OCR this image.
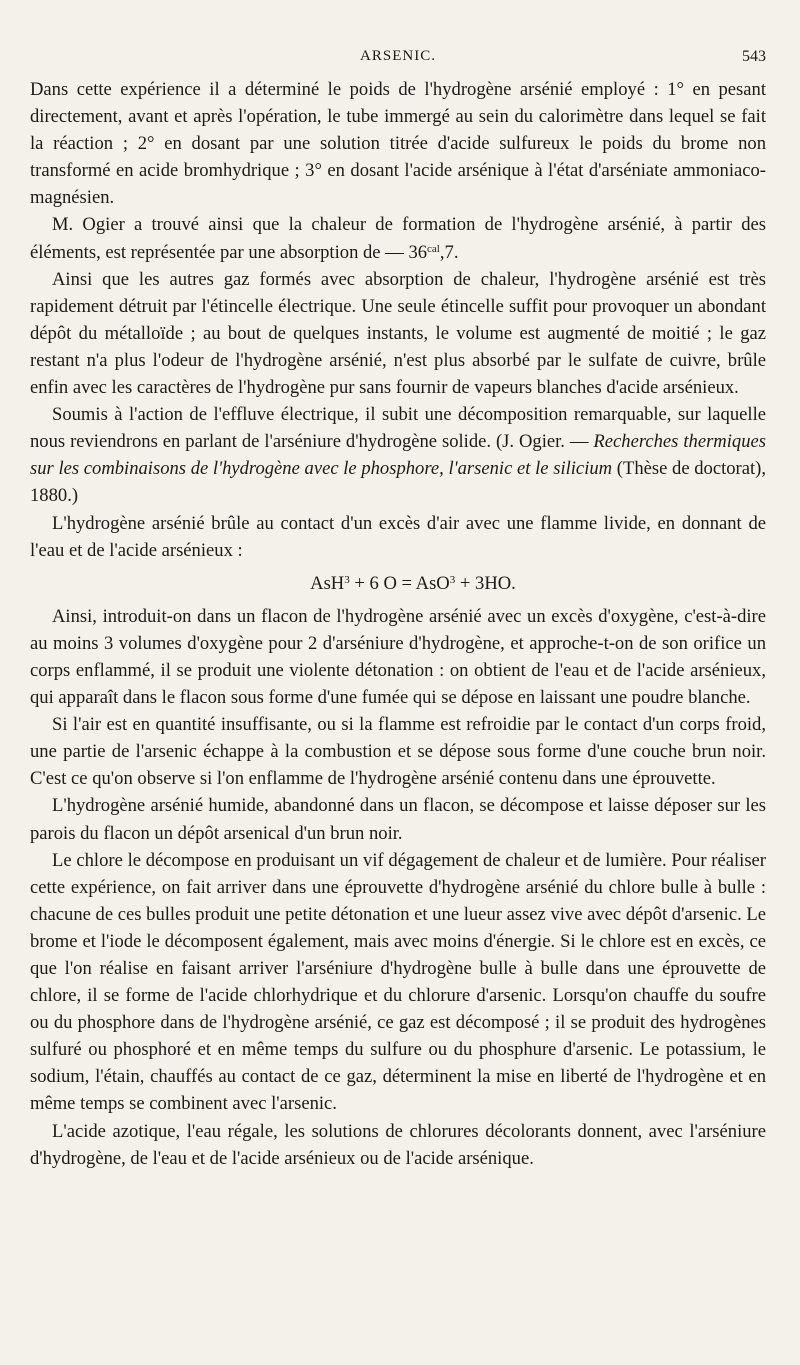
ARSENIC.	543

Dans cette expérience il a déterminé le poids de l'hydrogène arsénié employé : 1° en pesant directement, avant et après l'opération, le tube immergé au sein du calorimètre dans lequel se fait la réaction ; 2° en dosant par une solution titrée d'acide sulfureux le poids du brome non transformé en acide bromhydrique ; 3° en dosant l'acide arsénique à l'état d'arséniate ammoniaco-magnésien.

M. Ogier a trouvé ainsi que la chaleur de formation de l'hydrogène arsénié, à partir des éléments, est représentée par une absorption de — $36^{cal},7$.

Ainsi que les autres gaz formés avec absorption de chaleur, l'hydrogène arsénié est très rapidement détruit par l'étincelle électrique. Une seule étincelle suffit pour provoquer un abondant dépôt du métalloïde ; au bout de quelques instants, le volume est augmenté de moitié ; le gaz restant n'a plus l'odeur de l'hydrogène arsénié, n'est plus absorbé par le sulfate de cuivre, brûle enfin avec les caractères de l'hydrogène pur sans fournir de vapeurs blanches d'acide arsénieux.

Soumis à l'action de l'effluve électrique, il subit une décomposition remarquable, sur laquelle nous reviendrons en parlant de l'arséniure d'hydrogène solide. (J. Ogier. — Recherches thermiques sur les combinaisons de l'hydrogène avec le phosphore, l'arsenic et le silicium (Thèse de doctorat), 1880.)

L'hydrogène arsénié brûle au contact d'un excès d'air avec une flamme livide, en donnant de l'eau et de l'acide arsénieux :

AsH$^3$ + 6 O = AsO$^3$ + 3HO.

Ainsi, introduit-on dans un flacon de l'hydrogène arsénié avec un excès d'oxygène, c'est-à-dire au moins 3 volumes d'oxygène pour 2 d'arséniure d'hydrogène, et approche-t-on de son orifice un corps enflammé, il se produit une violente détonation : on obtient de l'eau et de l'acide arsénieux, qui apparaît dans le flacon sous forme d'une fumée qui se dépose en laissant une poudre blanche.

Si l'air est en quantité insuffisante, ou si la flamme est refroidie par le contact d'un corps froid, une partie de l'arsenic échappe à la combustion et se dépose sous forme d'une couche brun noir. C'est ce qu'on observe si l'on enflamme de l'hydrogène arsénié contenu dans une éprouvette.

L'hydrogène arsénié humide, abandonné dans un flacon, se décompose et laisse déposer sur les parois du flacon un dépôt arsenical d'un brun noir.

Le chlore le décompose en produisant un vif dégagement de chaleur et de lumière. Pour réaliser cette expérience, on fait arriver dans une éprouvette d'hydrogène arsénié du chlore bulle à bulle : chacune de ces bulles produit une petite détonation et une lueur assez vive avec dépôt d'arsenic. Le brome et l'iode le décomposent également, mais avec moins d'énergie. Si le chlore est en excès, ce que l'on réalise en faisant arriver l'arséniure d'hydrogène bulle à bulle dans une éprouvette de chlore, il se forme de l'acide chlorhydrique et du chlorure d'arsenic. Lorsqu'on chauffe du soufre ou du phosphore dans de l'hydrogène arsénié, ce gaz est décomposé ; il se produit des hydrogènes sulfuré ou phosphoré et en même temps du sulfure ou du phosphure d'arsenic. Le potassium, le sodium, l'étain, chauffés au contact de ce gaz, déterminent la mise en liberté de l'hydrogène et en même temps se combinent avec l'arsenic.

L'acide azotique, l'eau régale, les solutions de chlorures décolorants donnent, avec l'arséniure d'hydrogène, de l'eau et de l'acide arsénieux ou de l'acide arsénique.
